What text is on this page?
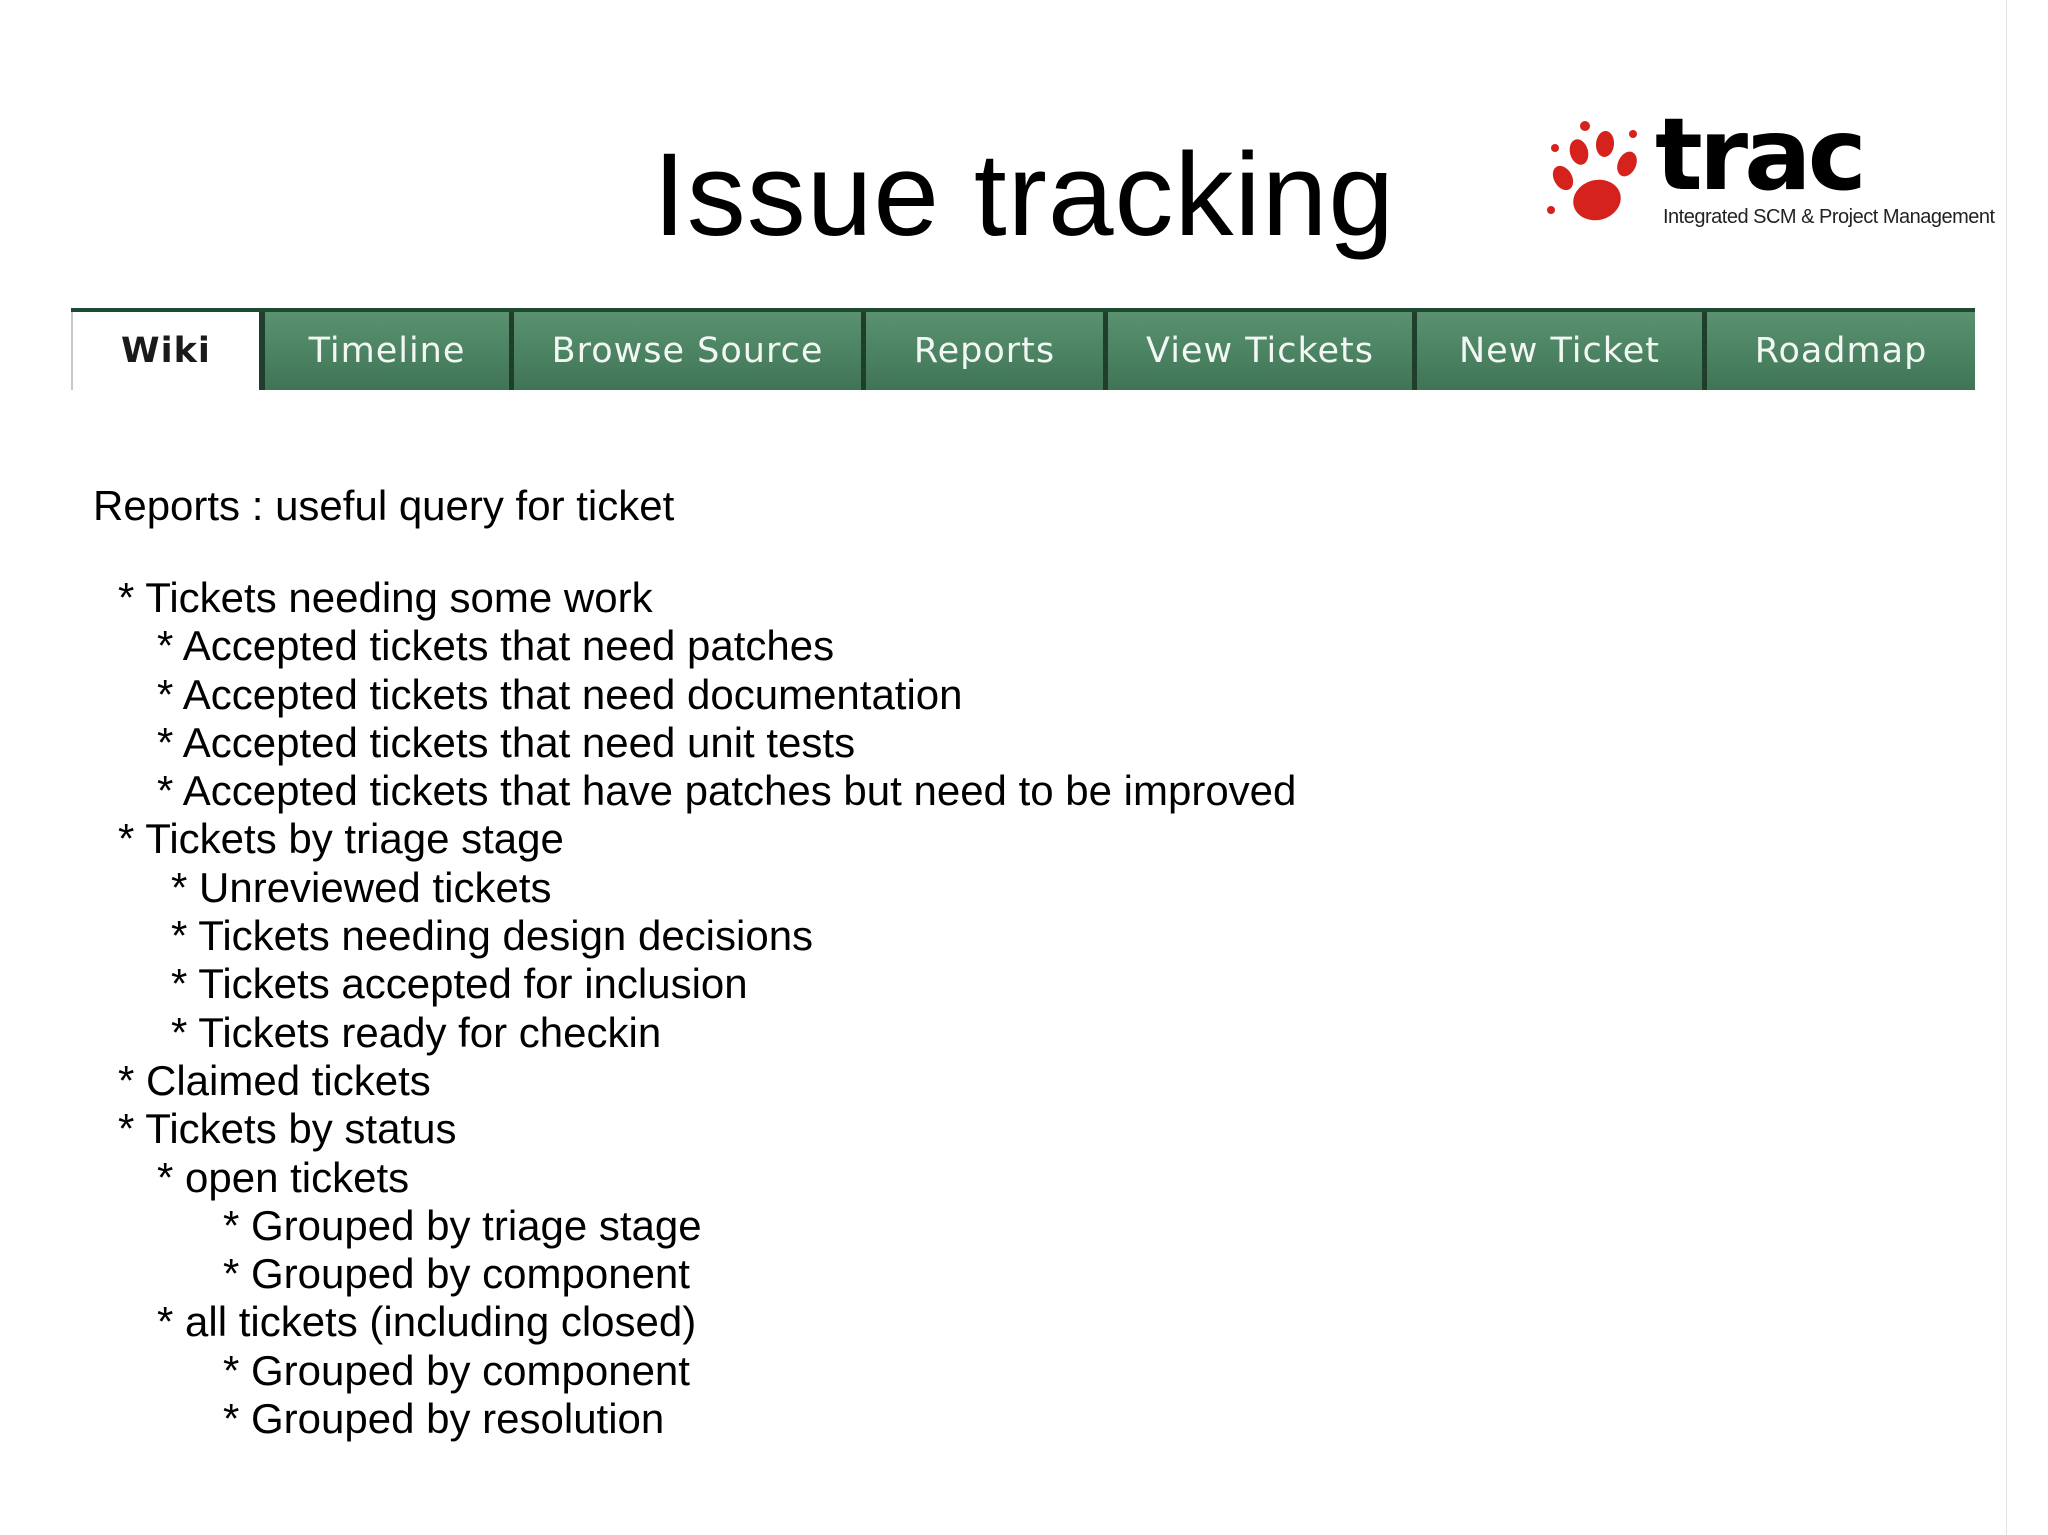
Issue tracking	trac
Integrated SCM & Project Management
Wiki	Timeline	Browse Source	Reports	View Tickets	New Ticket	Roadmap

Reports : useful query for ticket

* Tickets needing some work
* Accepted tickets that need patches
* Accepted tickets that need documentation
* Accepted tickets that need unit tests
* Accepted tickets that have patches but need to be improved
* Tickets by triage stage
* Unreviewed tickets
* Tickets needing design decisions
* Tickets accepted for inclusion
* Tickets ready for checkin
* Claimed tickets
* Tickets by status
* open tickets
* Grouped by triage stage
* Grouped by component
* all tickets (including closed)
* Grouped by component
* Grouped by resolution
